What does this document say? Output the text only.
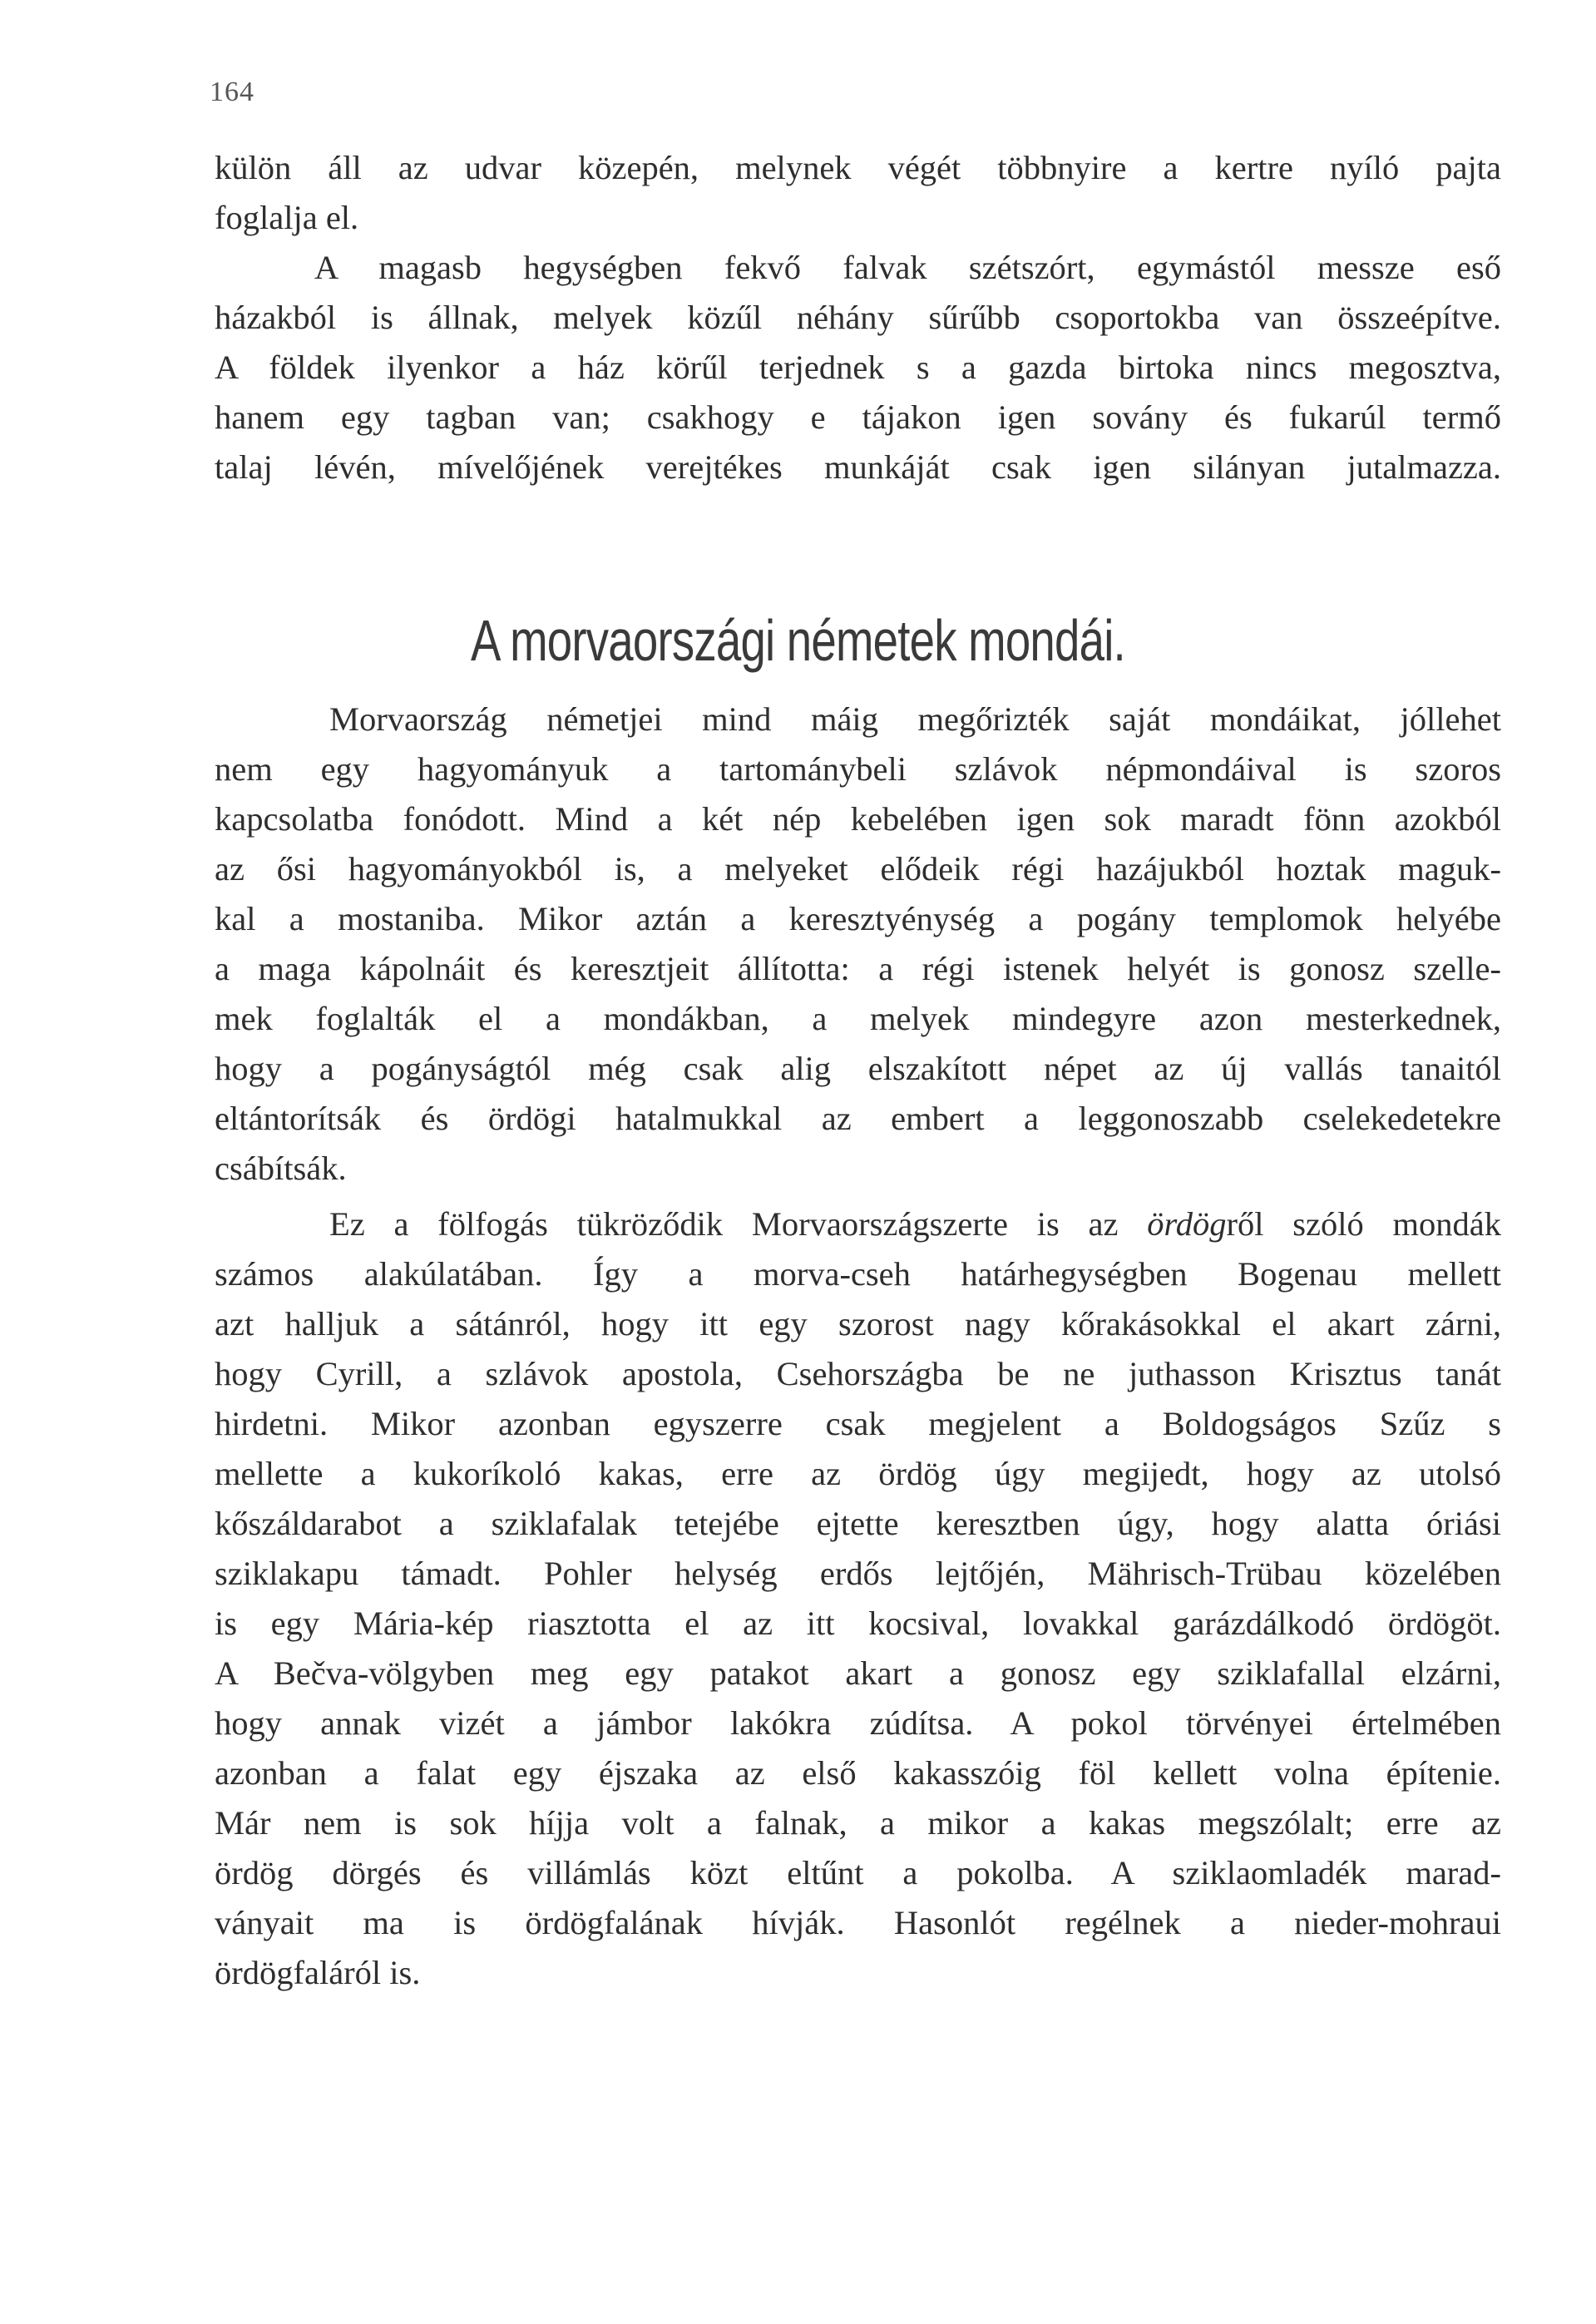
164
külön áll az udvar közepén, melynek végét többnyire a kertre nyíló pajta
foglalja el.
A magasb hegységben fekvő falvak szétszórt, egymástól messze eső
házakból is állnak, melyek közűl néhány sűrűbb csoportokba van összeépítve.
A földek ilyenkor a ház körűl terjednek s a gazda birtoka nincs megosztva,
hanem egy tagban van; csakhogy e tájakon igen sovány és fukarúl termő
talaj lévén, mívelőjének verejtékes munkáját csak igen silányan jutalmazza.
A morvaországi németek mondái.
Morvaország németjei mind máig megőrizték saját mondáikat, jóllehet
nem egy hagyományuk a tartománybeli szlávok népmondáival is szoros
kapcsolatba fonódott. Mind a két nép kebelében igen sok maradt fönn azokból
az ősi hagyományokból is, a melyeket elődeik régi hazájukból hoztak maguk-
kal a mostaniba. Mikor aztán a keresztyénység a pogány templomok helyébe
a maga kápolnáit és keresztjeit állította: a régi istenek helyét is gonosz szelle-
mek foglalták el a mondákban, a melyek mindegyre azon mesterkednek,
hogy a pogányságtól még csak alig elszakított népet az új vallás tanaitól
eltántorítsák és ördögi hatalmukkal az embert a leggonoszabb cselekedetekre
csábítsák.
Ez a fölfogás tükröződik Morvaországszerte is az ördögről szóló mondák
számos alakúlatában. Így a morva-cseh határhegységben Bogenau mellett
azt halljuk a sátánról, hogy itt egy szorost nagy kőrakásokkal el akart zárni,
hogy Cyrill, a szlávok apostola, Csehországba be ne juthasson Krisztus tanát
hirdetni. Mikor azonban egyszerre csak megjelent a Boldogságos Szűz s
mellette a kukoríkoló kakas, erre az ördög úgy megijedt, hogy az utolsó
kőszáldarabot a sziklafalak tetejébe ejtette keresztben úgy, hogy alatta óriási
sziklakapu támadt. Pohler helység erdős lejtőjén, Mährisch-Trübau közelében
is egy Mária-kép riasztotta el az itt kocsival, lovakkal garázdálkodó ördögöt.
A Bečva-völgyben meg egy patakot akart a gonosz egy sziklafallal elzárni,
hogy annak vizét a jámbor lakókra zúdítsa. A pokol törvényei értelmében
azonban a falat egy éjszaka az első kakasszóig föl kellett volna építenie.
Már nem is sok híjja volt a falnak, a mikor a kakas megszólalt; erre az
ördög dörgés és villámlás közt eltűnt a pokolba. A sziklaomladék marad-
ványait ma is ördögfalának hívják. Hasonlót regélnek a nieder-mohraui
ördögfaláról is.
